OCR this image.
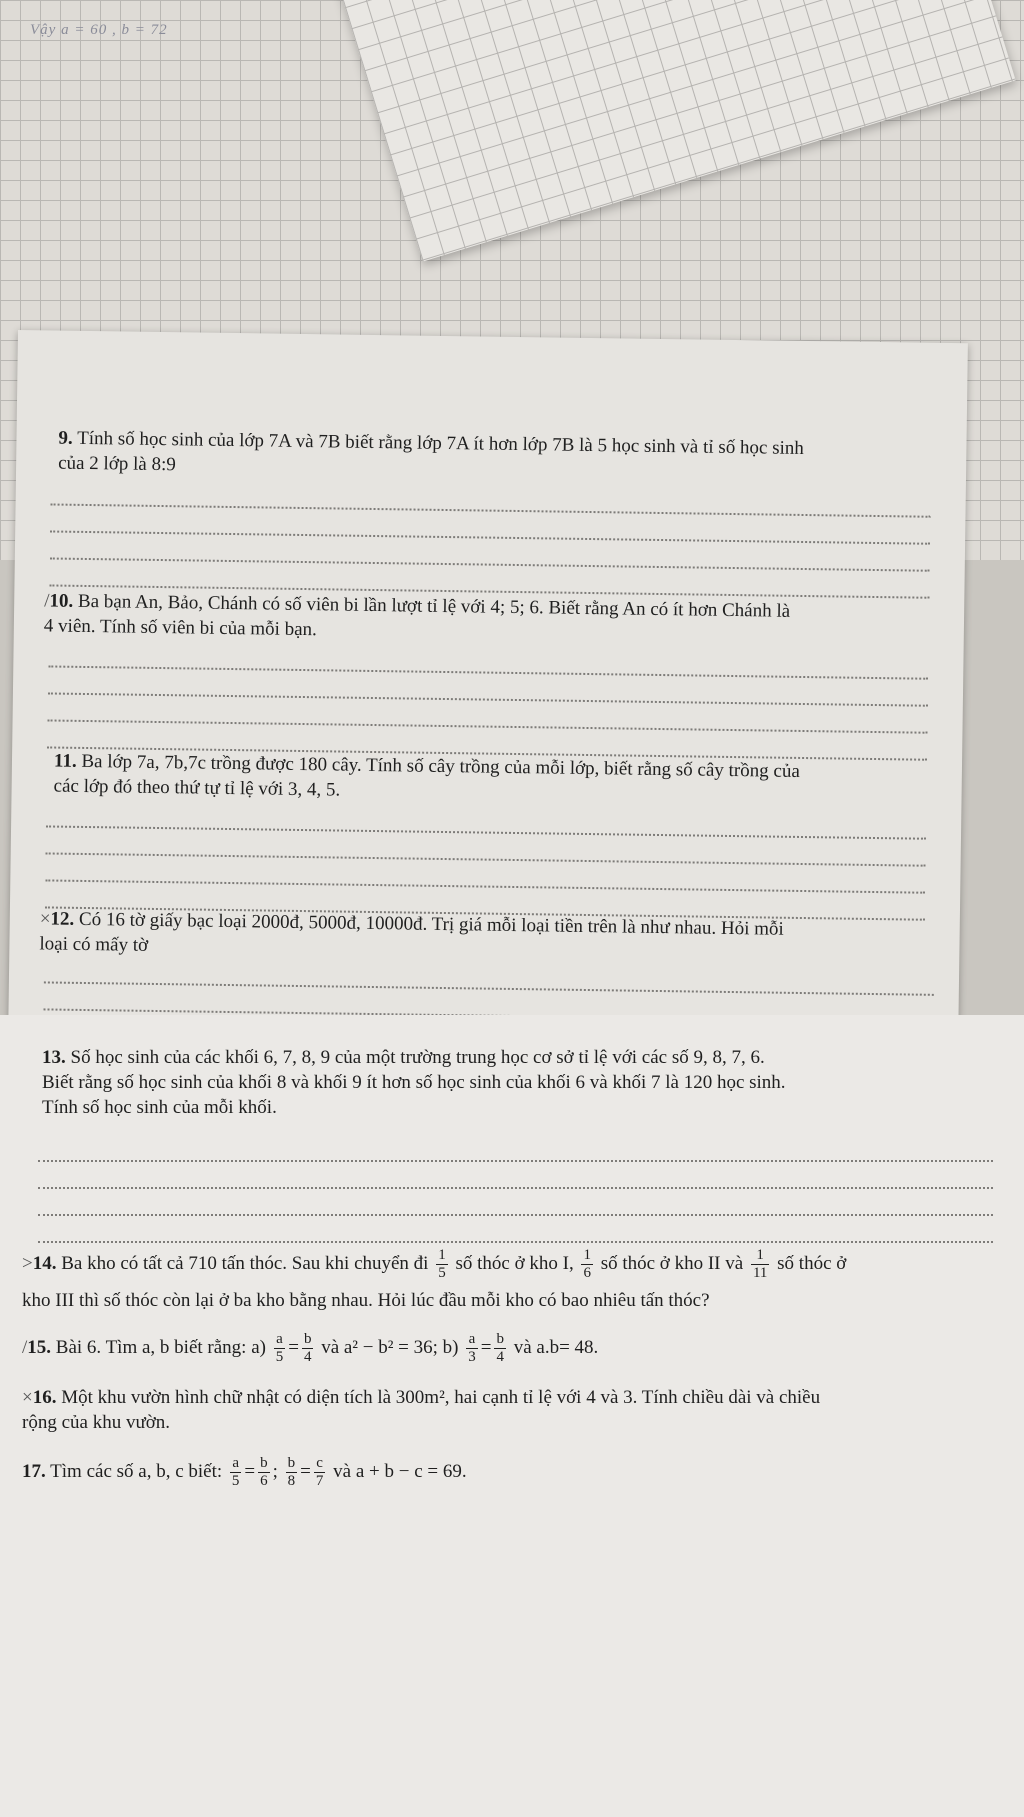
Vậy a = 60 , b = 72
9. Tính số học sinh của lớp 7A và 7B biết rằng lớp 7A ít hơn lớp 7B là 5 học sinh và tỉ số học sinh
của 2 lớp là 8:9
/10. Ba bạn An, Bảo, Chánh có số viên bi lần lượt tỉ lệ với 4; 5; 6. Biết rằng An có ít hơn Chánh là
4 viên. Tính số viên bi của mỗi bạn.
11. Ba lớp 7a, 7b,7c trồng được 180 cây. Tính số cây trồng của mỗi lớp, biết rằng số cây trồng của
các lớp đó theo thứ tự tỉ lệ với 3, 4, 5.
×12. Có 16 tờ giấy bạc loại 2000đ, 5000đ, 10000đ. Trị giá mỗi loại tiền trên là như nhau. Hỏi mỗi
loại có mấy tờ
13. Số học sinh của các khối 6, 7, 8, 9 của một trường trung học cơ sở tỉ lệ với các số 9, 8, 7, 6.
Biết rằng số học sinh của khối 8 và khối 9 ít hơn số học sinh của khối 6 và khối 7 là 120 học sinh.
Tính số học sinh của mỗi khối.
>14. Ba kho có tất cả 710 tấn thóc. Sau khi chuyển đi $\frac{1}{5}$ số thóc ở kho I, $\frac{1}{6}$ số thóc ở kho II và $\frac{1}{11}$ số thóc ở
kho III thì số thóc còn lại ở ba kho bằng nhau. Hỏi lúc đầu mỗi kho có bao nhiêu tấn thóc?
/15. Bài 6. Tìm a, b biết rằng: $a) \frac{a}{5} = \frac{b}{4}$ và a² − b² = 36; $b) \frac{a}{3} = \frac{b}{4}$ và a.b= 48.
×16. Một khu vườn hình chữ nhật có diện tích là 300m², hai cạnh tỉ lệ với 4 và 3. Tính chiều dài và chiều
rộng của khu vườn.
17. Tìm các số a, b, c biết: $\frac{a}{5} = \frac{b}{6}$ ; $\frac{b}{8} = \frac{c}{7}$ và a + b − c = 69.
